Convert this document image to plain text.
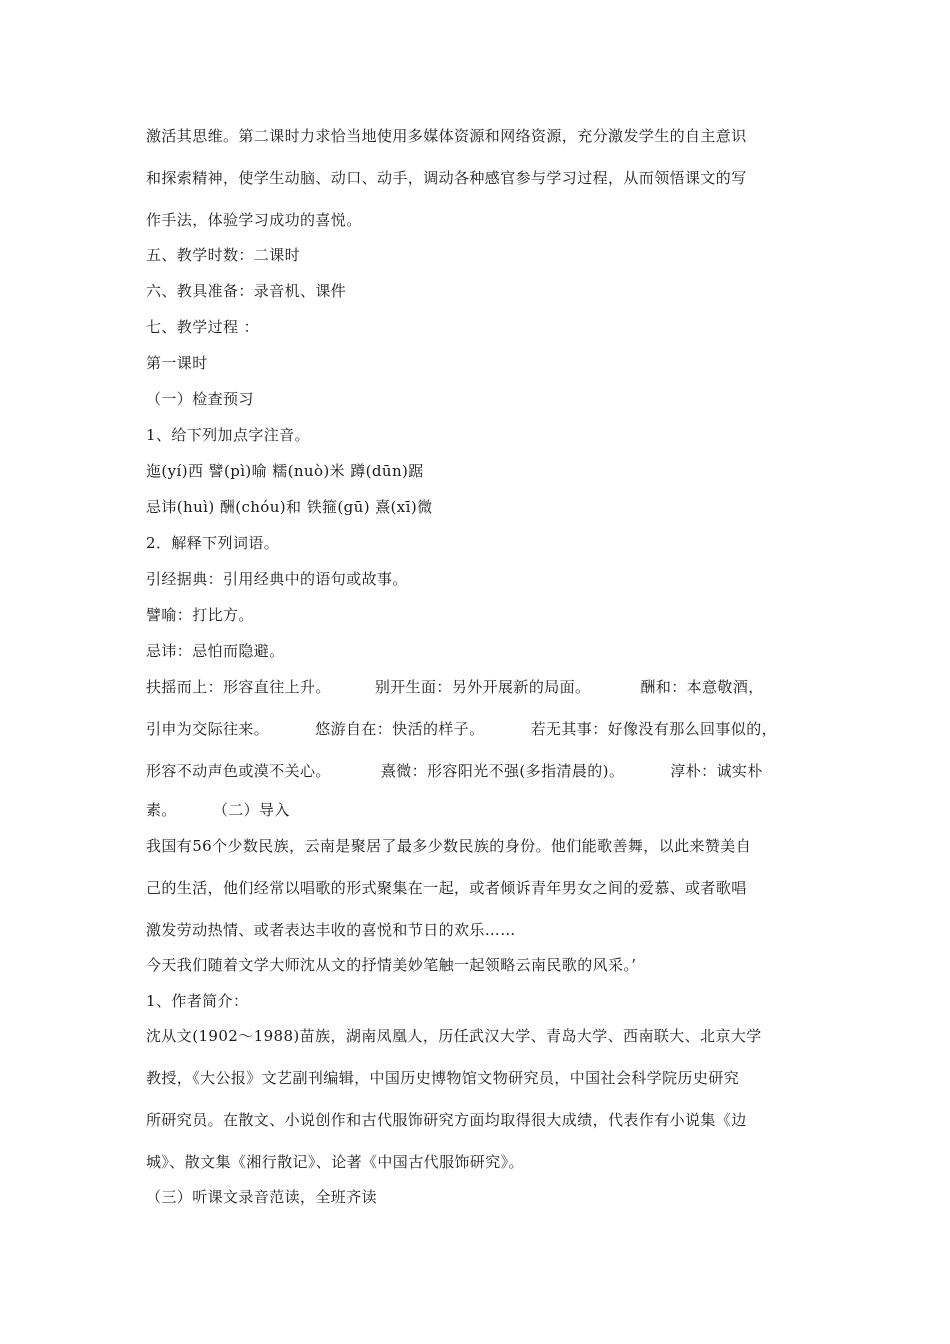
激活其思维。第二课时力求恰当地使用多媒体资源和网络资源，充分激发学生的自主意识
和探索精神，使学生动脑、动口、动手，调动各种感官参与学习过程，从而领悟课文的写
作手法，体验学习成功的喜悦。
五、教学时数：二课时
六、教具准备：录音机、课件
七、教学过程 ：
第一课时
（一）检查预习
1、给下列加点字注音。
迤(yí)西 譬(pì)喻 糯(nuò)米 蹲(dūn)踞
忌讳(huì) 酬(chóu)和 铁箍(gū) 熹(xī)微
2．解释下列词语。
引经据典：引用经典中的语句或故事。
譬喻：打比方。
忌讳：忌怕而隐避。
扶摇而上：形容直往上升。	别开生面：另外开展新的局面。	酬和：本意敬酒，
引申为交际往来。	悠游自在：快活的样子。	若无其事：好像没有那么回事似的，
形容不动声色或漠不关心。	熹微：形容阳光不强(多指清晨的)。	淳朴：诚实朴
素。 （二）导入
我国有56个少数民族，云南是聚居了最多少数民族的身份。他们能歌善舞，以此来赞美自
己的生活，他们经常以唱歌的形式聚集在一起，或者倾诉青年男女之间的爱慕、或者歌唱
激发劳动热情、或者表达丰收的喜悦和节日的欢乐……
今天我们随着文学大师沈从文的抒情美妙笔触一起领略云南民歌的风采。’
1、作者简介：
沈从文(1902～1988)苗族，湖南凤凰人，历任武汉大学、青岛大学、西南联大、北京大学
教授，《大公报》文艺副刊编辑，中国历史博物馆文物研究员，中国社会科学院历史研究
所研究员。在散文、小说创作和古代服饰研究方面均取得很大成绩，代表作有小说集《边
城》、散文集《湘行散记》、论著《中国古代服饰研究》。
（三）听课文录音范读，全班齐读
